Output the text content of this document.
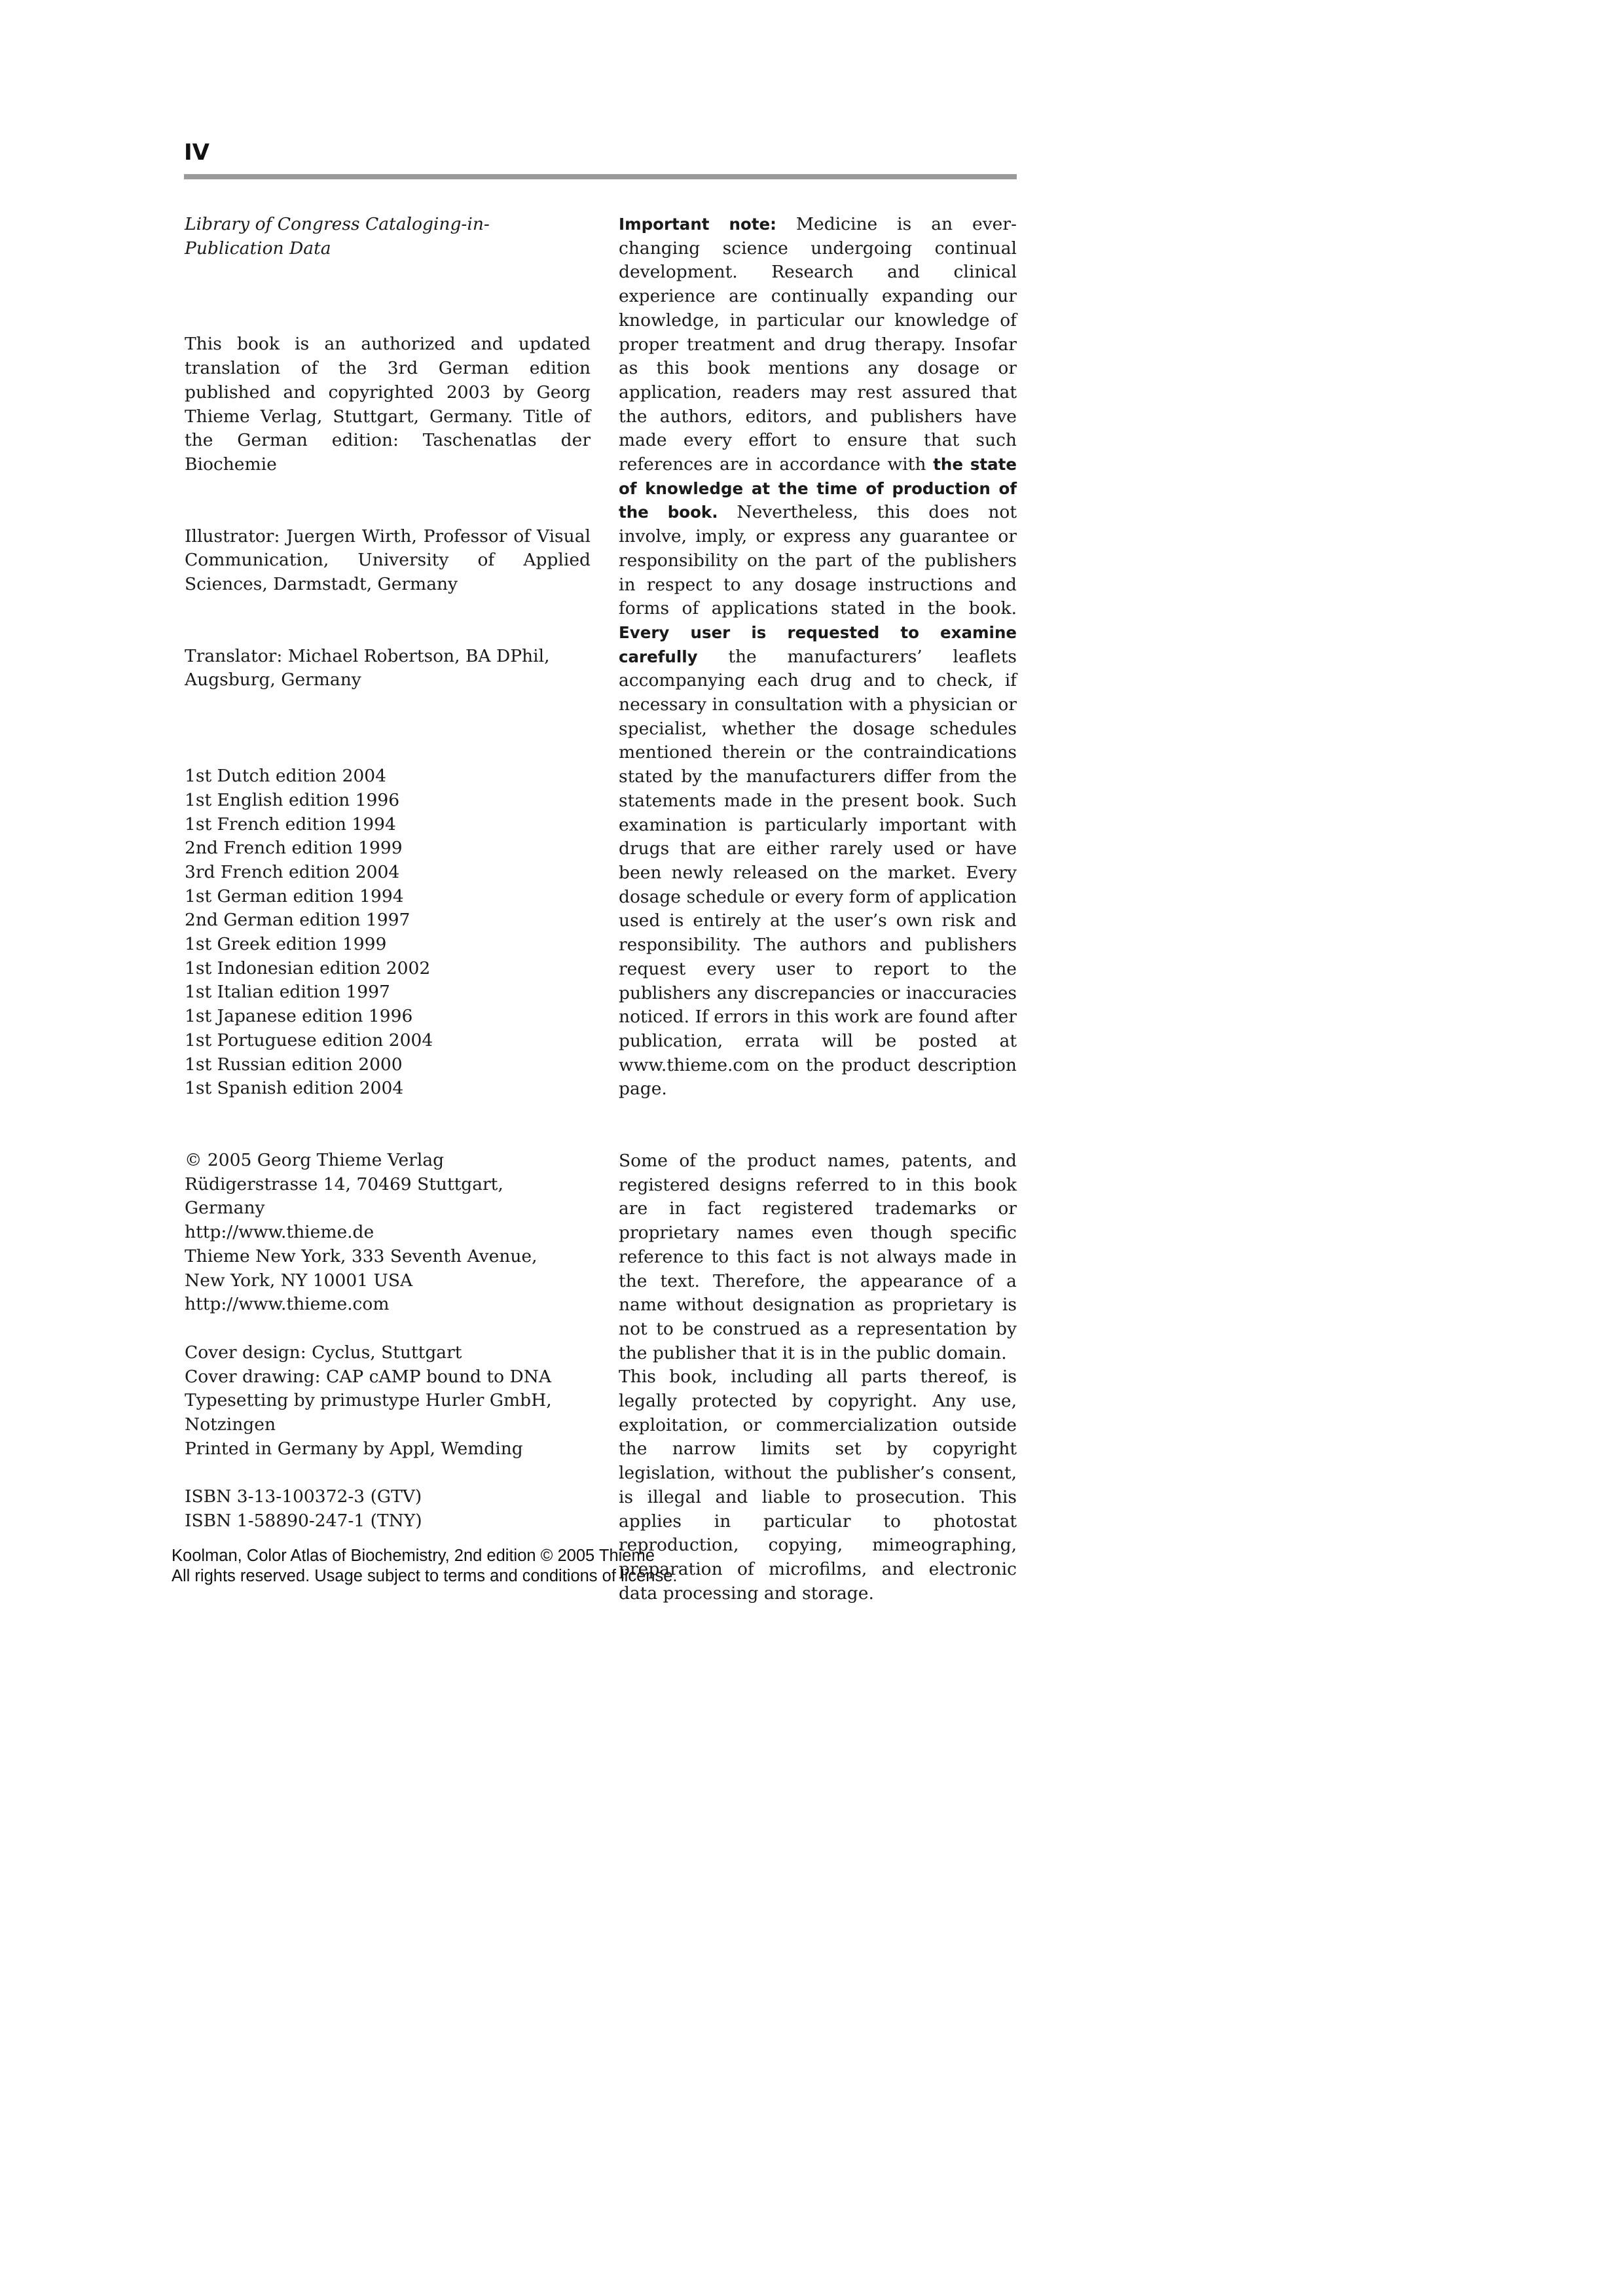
IV
Library of Congress Cataloging-in-
Publication Data

This book is an authorized and updated translation of the 3rd German edition published and copyrighted 2003 by Georg Thieme Verlag, Stuttgart, Germany. Title of the German edition: Taschenatlas der Biochemie

Illustrator: Juergen Wirth, Professor of Visual Communication, University of Applied Sciences, Darmstadt, Germany

Translator: Michael Robertson, BA DPhil, Augsburg, Germany

1st Dutch edition 2004
1st English edition 1996
1st French edition 1994
2nd French edition 1999
3rd French edition 2004
1st German edition 1994
2nd German edition 1997
1st Greek edition 1999
1st Indonesian edition 2002
1st Italian edition 1997
1st Japanese edition 1996
1st Portuguese edition 2004
1st Russian edition 2000
1st Spanish edition 2004
© 2005 Georg Thieme Verlag
Rüdigerstrasse 14, 70469 Stuttgart,
Germany
http://www.thieme.de
Thieme New York, 333 Seventh Avenue,
New York, NY 10001 USA
http://www.thieme.com
Cover design: Cyclus, Stuttgart
Cover drawing: CAP cAMP bound to DNA
Typesetting by primustype Hurler GmbH,
Notzingen
Printed in Germany by Appl, Wemding
ISBN 3-13-100372-3 (GTV)
ISBN 1-58890-247-1 (TNY)

Important note: Medicine is an ever-changing science undergoing continual development. Research and clinical experience are continually expanding our knowledge, in particular our knowledge of proper treatment and drug therapy. Insofar as this book mentions any dosage or application, readers may rest assured that the authors, editors, and publishers have made every effort to ensure that such references are in accordance with the state of knowledge at the time of production of the book. Nevertheless, this does not involve, imply, or express any guarantee or responsibility on the part of the publishers in respect to any dosage instructions and forms of applications stated in the book. Every user is requested to examine carefully the manufacturers’ leaflets accompanying each drug and to check, if necessary in consultation with a physician or specialist, whether the dosage schedules mentioned therein or the contraindications stated by the manufacturers differ from the statements made in the present book. Such examination is particularly important with drugs that are either rarely used or have been newly released on the market. Every dosage schedule or every form of application used is entirely at the user’s own risk and responsibility. The authors and publishers request every user to report to the publishers any discrepancies or inaccuracies noticed. If errors in this work are found after publication, errata will be posted at www.thieme.com on the product description page.

Some of the product names, patents, and registered designs referred to in this book are in fact registered trademarks or proprietary names even though specific reference to this fact is not always made in the text. Therefore, the appearance of a name without designation as proprietary is not to be construed as a representation by the publisher that it is in the public domain.

This book, including all parts thereof, is legally protected by copyright. Any use, exploitation, or commercialization outside the narrow limits set by copyright legislation, without the publisher’s consent, is illegal and liable to prosecution. This applies in particular to photostat reproduction, copying, mimeographing, preparation of microfilms, and electronic data processing and storage.

Koolman, Color Atlas of Biochemistry, 2nd edition © 2005 Thieme
All rights reserved. Usage subject to terms and conditions of license.
